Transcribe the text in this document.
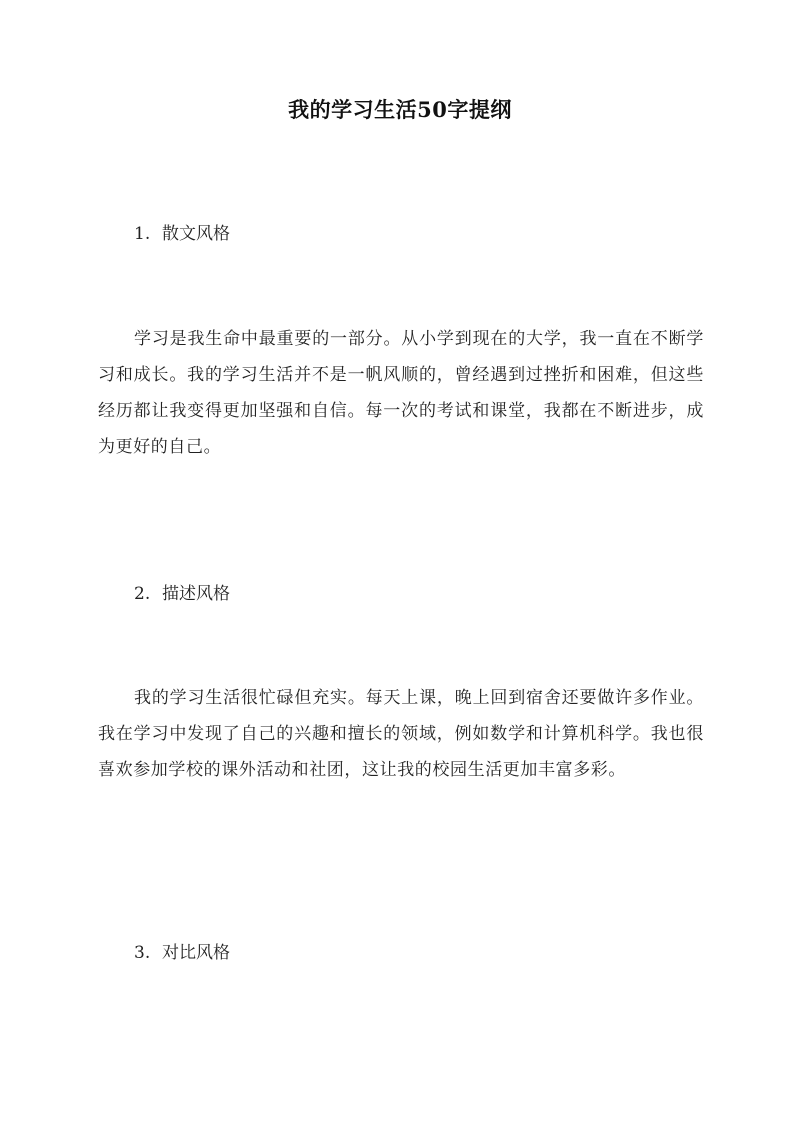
我的学习生活50字提纲
1. 散文风格
学习是我生命中最重要的一部分。从小学到现在的大学，我一直在不断学习和成长。我的学习生活并不是一帆风顺的，曾经遇到过挫折和困难，但这些经历都让我变得更加坚强和自信。每一次的考试和课堂，我都在不断进步，成为更好的自己。
2. 描述风格
我的学习生活很忙碌但充实。每天上课，晚上回到宿舍还要做许多作业。我在学习中发现了自己的兴趣和擅长的领域，例如数学和计算机科学。我也很喜欢参加学校的课外活动和社团，这让我的校园生活更加丰富多彩。
3. 对比风格
